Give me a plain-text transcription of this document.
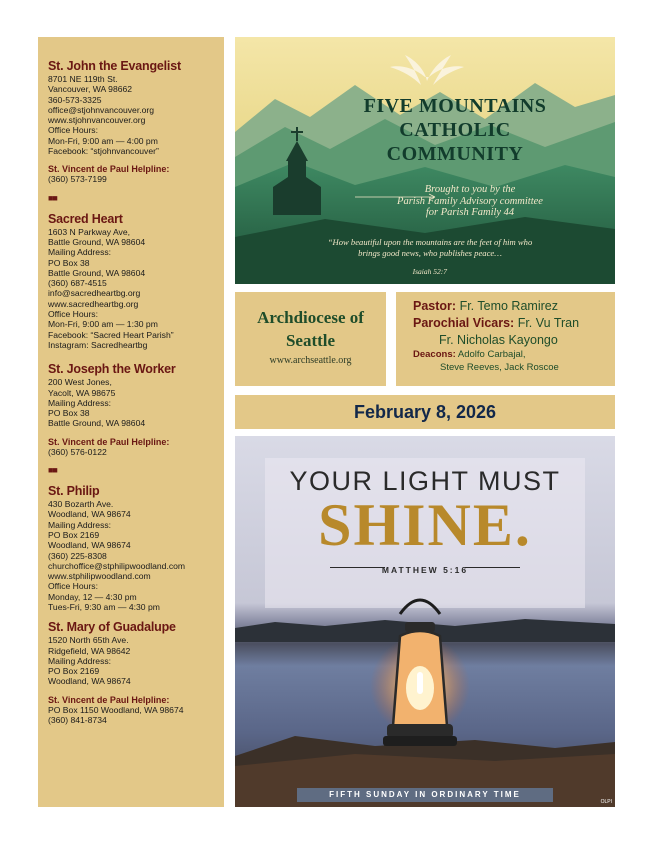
St. John the Evangelist
8701 NE 119th St.
Vancouver, WA 98662
360-573-3325
office@stjohnvancouver.org
www.stjohnvancouver.org
Office Hours:
Mon-Fri, 9:00 am — 4:00 pm
Facebook: “stjohnvancouver”
St. Vincent de Paul Helpline:
(360) 573-7199
■■
Sacred Heart
1603 N Parkway Ave,
Battle Ground, WA 98604
Mailing Address:
PO Box 38
Battle Ground, WA 98604
(360) 687-4515
info@sacredheartbg.org
www.sacredheartbg.org
Office Hours:
Mon-Fri, 9:00 am — 1:30 pm
Facebook: “Sacred Heart Parish”
Instagram: Sacredheartbg
St. Joseph the Worker
200 West Jones,
Yacolt, WA 98675
Mailing Address:
PO Box 38
Battle Ground, WA 98604
St. Vincent de Paul Helpline:
(360) 576-0122
■■
St. Philip
430 Bozarth Ave.
Woodland, WA 98674
Mailing Address:
PO Box 2169
Woodland, WA 98674
(360) 225-8308
churchoffice@stphilipwoodland.com
www.stphilipwoodland.com
Office Hours:
Monday, 12 — 4:30 pm
Tues-Fri, 9:30 am — 4:30 pm
St. Mary of Guadalupe
1520 North 65th Ave.
Ridgefield, WA 98642
Mailing Address:
PO Box 2169
Woodland, WA 98674
St. Vincent de Paul Helpline:
PO Box 1150 Woodland, WA 98674
(360) 841-8734
FIVE MOUNTAINS
CATHOLIC
COMMUNITY
Brought to you by the
Parish Family Advisory committee
for Parish Family 44
“How beautiful upon the mountains are the feet of him who
brings good news, who publishes peace…
Isaiah 52:7
Archdiocese of
Seattle
www.archseattle.org
Pastor: Fr. Temo Ramirez
Parochial Vicars: Fr. Vu Tran
Fr. Nicholas Kayongo
Deacons: Adolfo Carbajal,
Steve Reeves, Jack Roscoe
February 8, 2026
YOUR LIGHT MUST
SHINE.
MATTHEW 5:16
FIFTH SUNDAY IN ORDINARY TIME
OLPI
